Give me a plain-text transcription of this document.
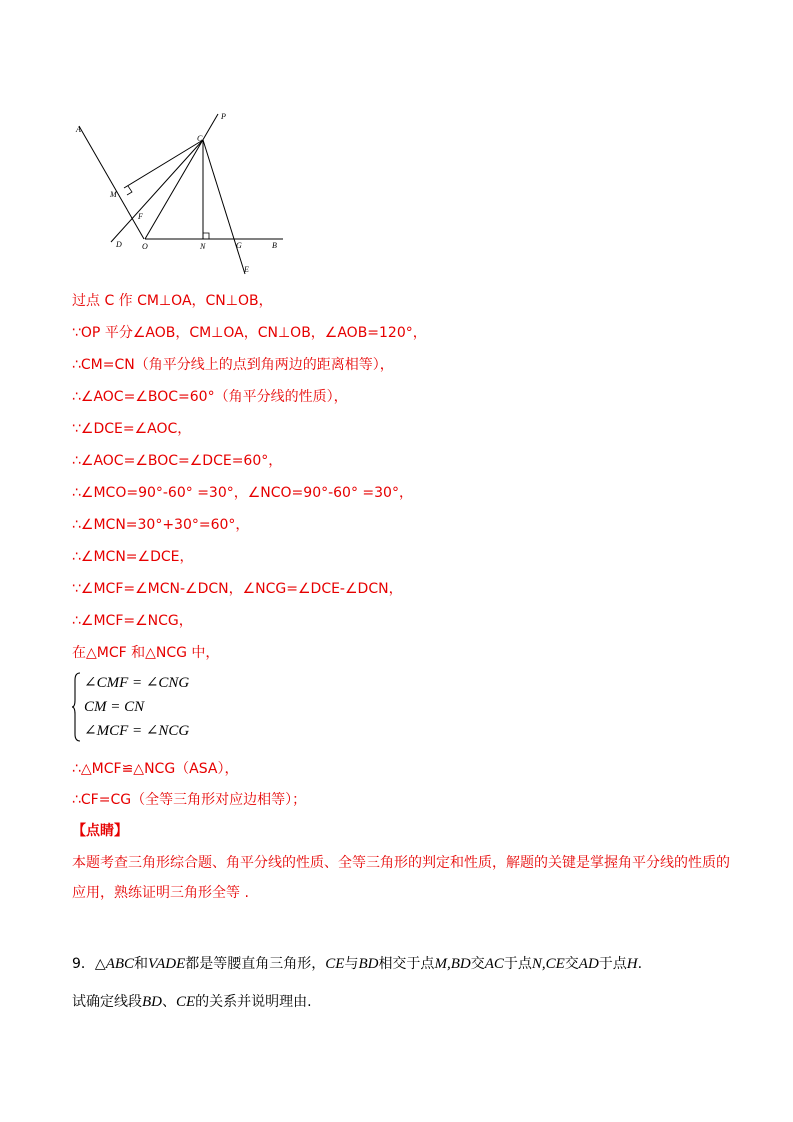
A
P
C
M
F
D	O	N	G	B
E
过点 C 作 CM⊥OA，CN⊥OB，
∵OP 平分∠AOB，CM⊥OA，CN⊥OB，∠AOB=120°，
∴CM=CN（角平分线上的点到角两边的距离相等），
∴∠AOC=∠BOC=60°（角平分线的性质），
∵∠DCE=∠AOC，
∴∠AOC=∠BOC=∠DCE=60°，
∴∠MCO=90°-60° =30°，∠NCO=90°-60° =30°，
∴∠MCN=30°+30°=60°，
∴∠MCN=∠DCE，
∵∠MCF=∠MCN-∠DCN，∠NCG=∠DCE-∠DCN，
∴∠MCF=∠NCG，
在△MCF 和△NCG 中，
∠CMF = ∠CNG
CM = CN
∠MCF = ∠NCG
∴△MCF≌△NCG（ASA），
∴CF=CG（全等三角形对应边相等）；
【点睛】
本题考查三角形综合题、角平分线的性质、全等三角形的判定和性质，解题的关键是掌握角平分线的性质的应用，熟练证明三角形全等 .
9．△ABC和VADE都是等腰直角三角形，CE与BD相交于点M,BD交AC于点N,CE交AD于点H.
试确定线段BD、CE的关系并说明理由.
